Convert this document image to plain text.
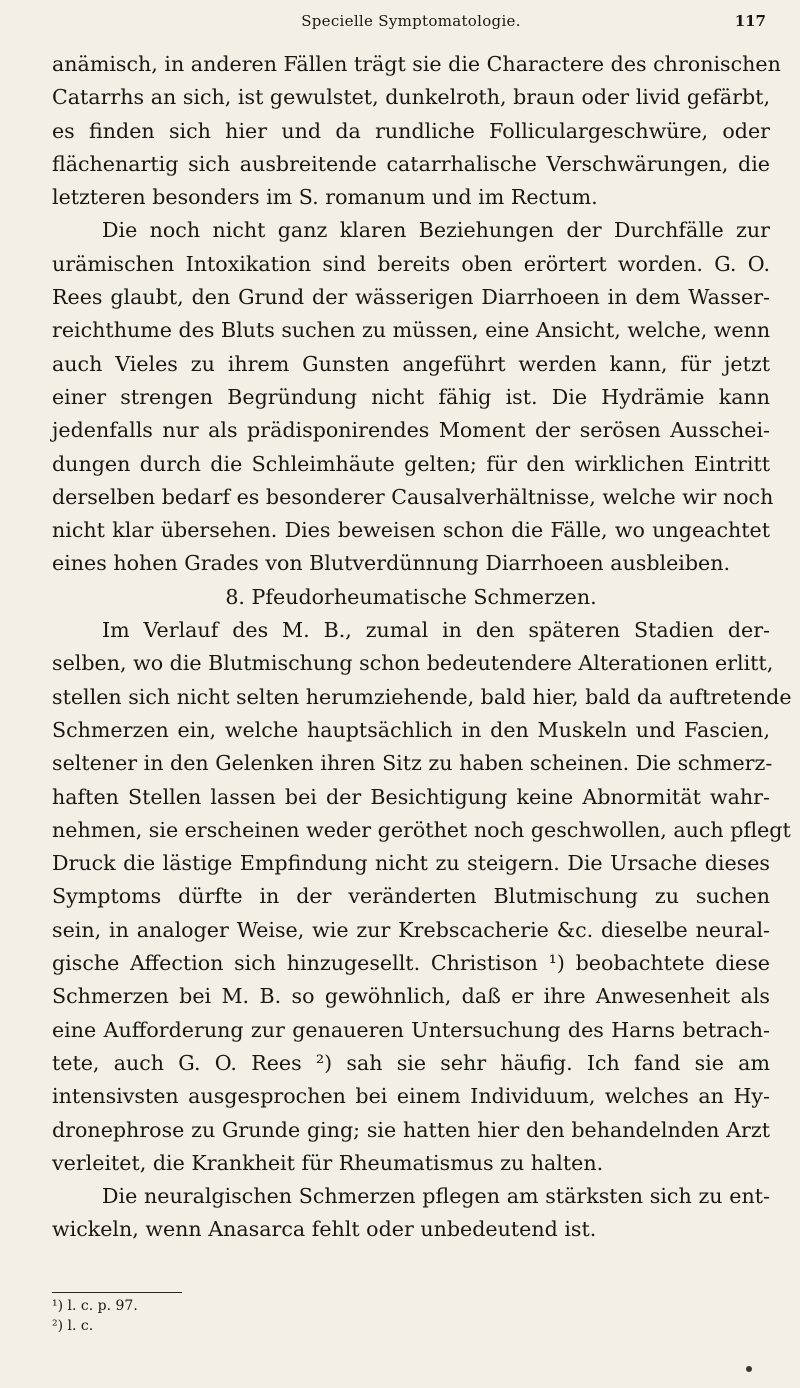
Specielle Symptomatologie.	117
anämisch, in anderen Fällen trägt sie die Charactere des chronischen
Catarrhs an sich, ist gewulstet, dunkelroth, braun oder livid gefärbt,
es finden sich hier und da rundliche Folliculargeschwüre, oder
flächenartig sich ausbreitende catarrhalische Verschwärungen, die
letzteren besonders im S. romanum und im Rectum.
Die noch nicht ganz klaren Beziehungen der Durchfälle zur
urämischen Intoxikation sind bereits oben erörtert worden. G. O.
Rees glaubt, den Grund der wässerigen Diarrhoeen in dem Wasser-
reichthume des Bluts suchen zu müssen, eine Ansicht, welche, wenn
auch Vieles zu ihrem Gunsten angeführt werden kann, für jetzt
einer strengen Begründung nicht fähig ist. Die Hydrämie kann
jedenfalls nur als prädisponirendes Moment der serösen Ausschei-
dungen durch die Schleimhäute gelten; für den wirklichen Eintritt
derselben bedarf es besonderer Causalverhältnisse, welche wir noch
nicht klar übersehen. Dies beweisen schon die Fälle, wo ungeachtet
eines hohen Grades von Blutverdünnung Diarrhoeen ausbleiben.
8. Pfeudorheumatische Schmerzen.
Im Verlauf des M. B., zumal in den späteren Stadien der-
selben, wo die Blutmischung schon bedeutendere Alterationen erlitt,
stellen sich nicht selten herumziehende, bald hier, bald da auftretende
Schmerzen ein, welche hauptsächlich in den Muskeln und Fascien,
seltener in den Gelenken ihren Sitz zu haben scheinen. Die schmerz-
haften Stellen lassen bei der Besichtigung keine Abnormität wahr-
nehmen, sie erscheinen weder geröthet noch geschwollen, auch pflegt
Druck die lästige Empfindung nicht zu steigern. Die Ursache dieses
Symptoms dürfte in der veränderten Blutmischung zu suchen
sein, in analoger Weise, wie zur Krebscacherie &c. dieselbe neural-
gische Affection sich hinzugesellt. Christison ¹) beobachtete diese
Schmerzen bei M. B. so gewöhnlich, daß er ihre Anwesenheit als
eine Aufforderung zur genaueren Untersuchung des Harns betrach-
tete, auch G. O. Rees ²) sah sie sehr häufig. Ich fand sie am
intensivsten ausgesprochen bei einem Individuum, welches an Hy-
dronephrose zu Grunde ging; sie hatten hier den behandelnden Arzt
verleitet, die Krankheit für Rheumatismus zu halten.
Die neuralgischen Schmerzen pflegen am stärksten sich zu ent-
wickeln, wenn Anasarca fehlt oder unbedeutend ist.
¹) l. c. p. 97.
²) l. c.
